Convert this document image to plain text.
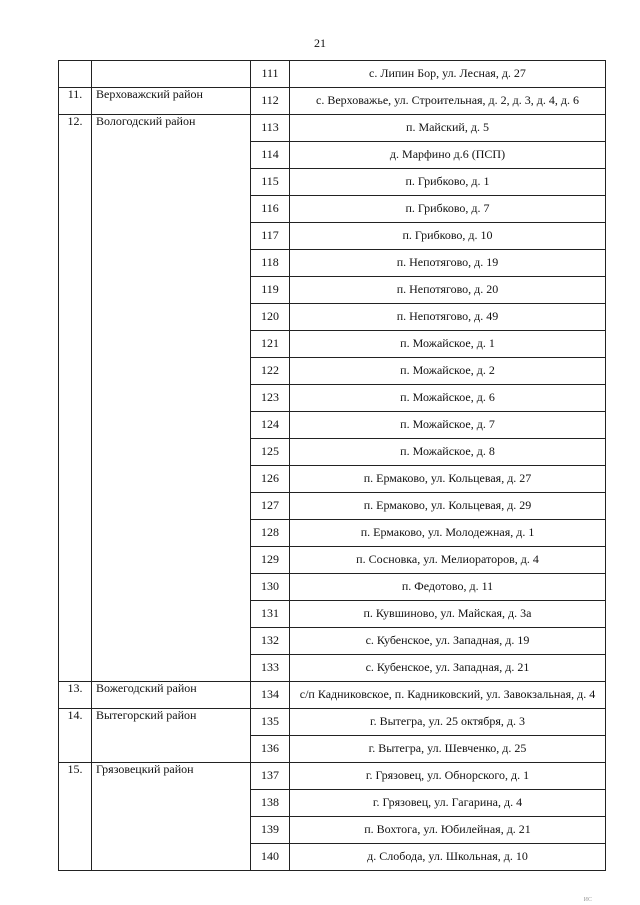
21
		111	с. Липин Бор, ул. Лесная, д. 27
11.	Верховажский район	112	с. Верховажье, ул. Строительная, д. 2, д. 3, д. 4, д. 6
12.	Вологодский район	113	п. Майский, д. 5
		114	д. Марфино д.6 (ПСП)
		115	п. Грибково, д. 1
		116	п. Грибково, д. 7
		117	п. Грибково, д. 10
		118	п. Непотягово, д. 19
		119	п. Непотягово, д. 20
		120	п. Непотягово, д. 49
		121	п. Можайское, д. 1
		122	п. Можайское, д. 2
		123	п. Можайское, д. 6
		124	п. Можайское, д. 7
		125	п. Можайское, д. 8
		126	п. Ермаково, ул. Кольцевая, д. 27
		127	п. Ермаково, ул. Кольцевая, д. 29
		128	п. Ермаково, ул. Молодежная, д. 1
		129	п. Сосновка, ул. Мелиораторов, д. 4
		130	п. Федотово, д. 11
		131	п. Кувшиново, ул. Майская, д. 3а
		132	с. Кубенское, ул. Западная, д. 19
		133	с. Кубенское, ул. Западная, д. 21
13.	Вожегодский район	134	с/п Кадниковское, п. Кадниковский, ул. Завокзальная, д. 4
14.	Вытегорский район	135	г. Вытегра, ул. 25 октября, д. 3
		136	г. Вытегра, ул. Шевченко, д. 25
15.	Грязовецкий район	137	г. Грязовец, ул. Обнорского, д. 1
		138	г. Грязовец, ул. Гагарина, д. 4
		139	п. Вохтога, ул. Юбилейная, д. 21
		140	д. Слобода, ул. Школьная, д. 10
ИС
